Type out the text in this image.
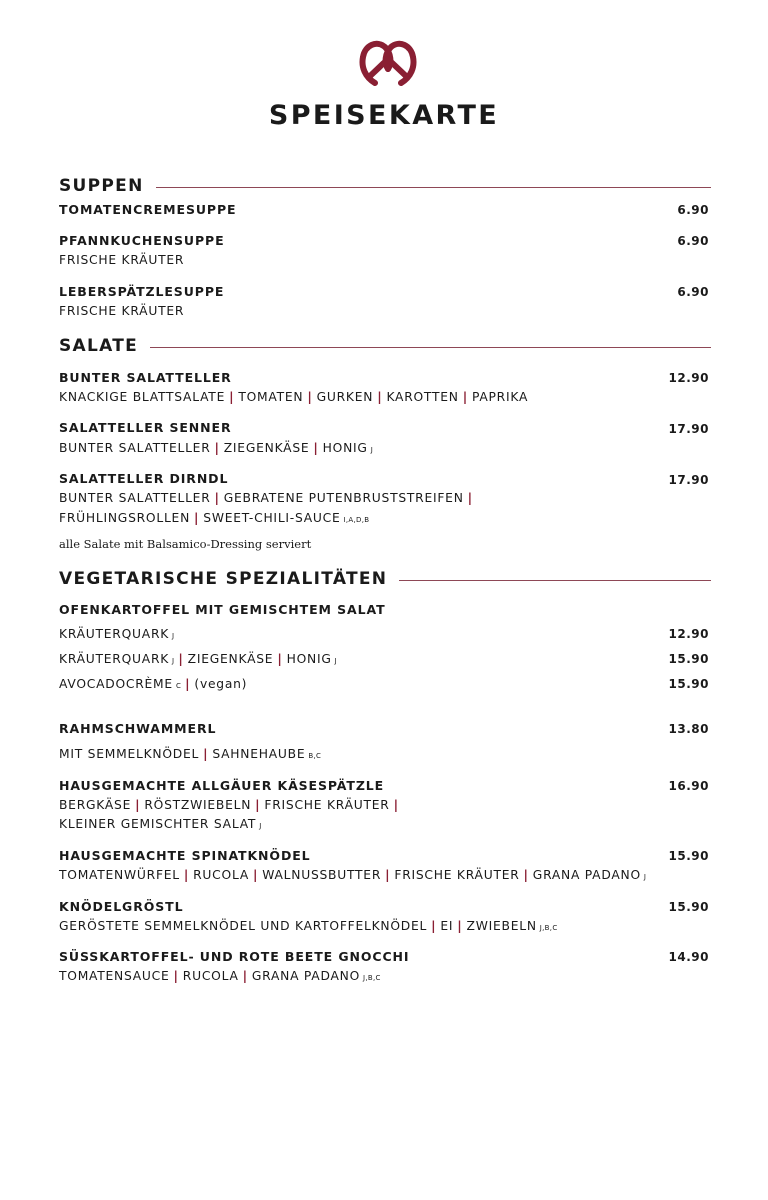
SPEISEKARTE
SUPPEN
TOMATENCREMESUPPE	6.90
PFANNKUCHENSUPPE	6.90
FRISCHE KRÄUTER
LEBERSPÄTZLESUPPE	6.90
FRISCHE KRÄUTER
SALATE
BUNTER SALATTELLER	12.90
KNACKIGE BLATTSALATE | TOMATEN | GURKEN | KAROTTEN | PAPRIKA
SALATTELLER SENNER	17.90
BUNTER SALATTELLER | ZIEGENKÄSE | HONIG J
SALATTELLER DIRNDL	17.90
BUNTER SALATTELLER | GEBRATENE PUTENBRUSTSTREIFEN |
FRÜHLINGSROLLEN | SWEET-CHILI-SAUCE I,A,D,B
alle Salate mit Balsamico-Dressing serviert
VEGETARISCHE SPEZIALITÄTEN
OFENKARTOFFEL MIT GEMISCHTEM SALAT
KRÄUTERQUARK J	12.90
KRÄUTERQUARK J | ZIEGENKÄSE | HONIG J	15.90
AVOCADOCRÈME C | (vegan)	15.90
RAHMSCHWAMMERL	13.80
MIT SEMMELKNÖDEL | SAHNEHAUBE B,C
HAUSGEMACHTE ALLGÄUER KÄSESPÄTZLE	16.90
BERGKÄSE | RÖSTZWIEBELN | FRISCHE KRÄUTER |
KLEINER GEMISCHTER SALAT J
HAUSGEMACHTE SPINATKNÖDEL	15.90
TOMATENWÜRFEL | RUCOLA | WALNUSSBUTTER | FRISCHE KRÄUTER | GRANA PADANO J
KNÖDELGRÖSTL	15.90
GERÖSTETE SEMMELKNÖDEL UND KARTOFFELKNÖDEL | EI | ZWIEBELN J,B,C
SÜSSKARTOFFEL- UND ROTE BEETE GNOCCHI	14.90
TOMATENSAUCE | RUCOLA | GRANA PADANO J,B,C
